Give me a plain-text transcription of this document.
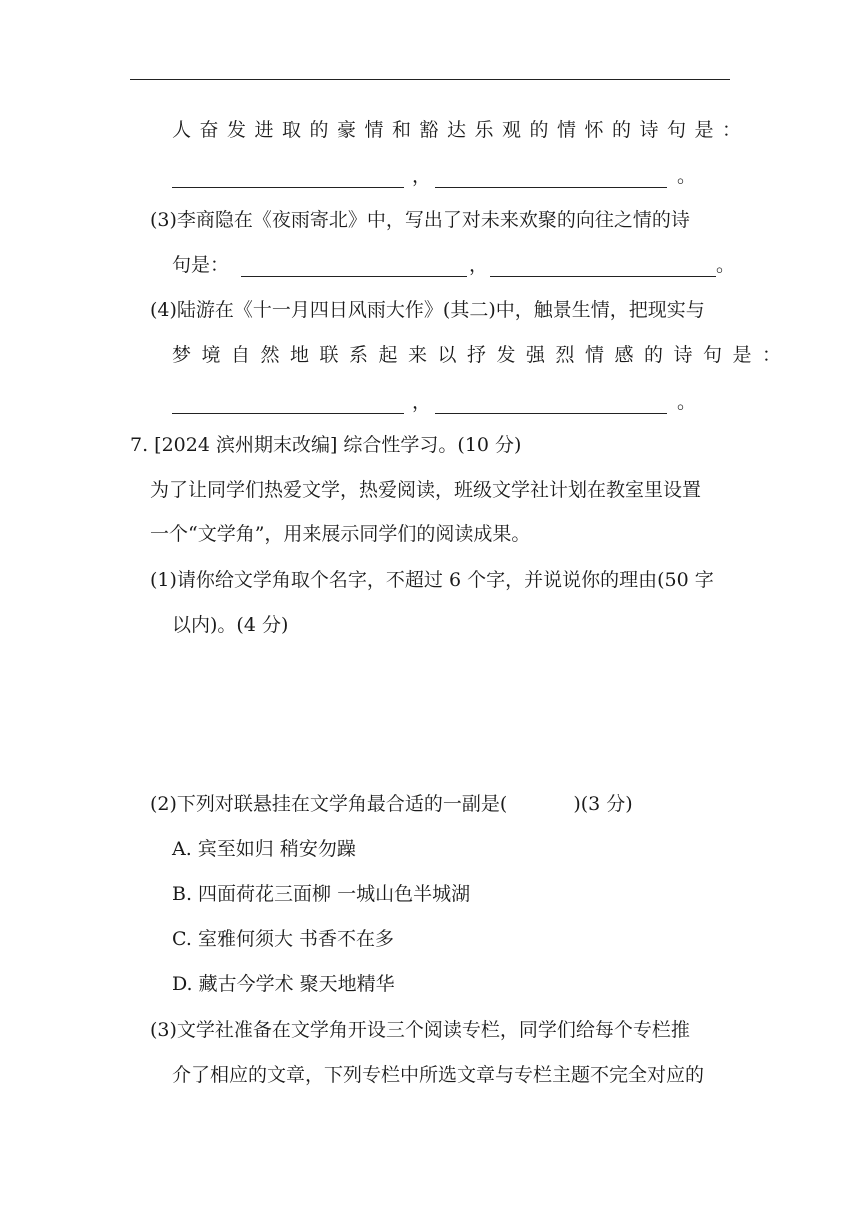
人奋发进取的豪情和豁达乐观的情怀的诗句是：
，	。
(3)李商隐在《夜雨寄北》中，写出了对未来欢聚的向往之情的诗
句是：	，	。
(4)陆游在《十一月四日风雨大作》(其二)中，触景生情，把现实与
梦境自然地联系起来以抒发强烈情感的诗句是：
，	。
7. [2024 滨州期末改编] 综合性学习。(10 分)
为了让同学们热爱文学，热爱阅读，班级文学社计划在教室里设置
一个“文学角”，用来展示同学们的阅读成果。
(1)请你给文学角取个名字，不超过 6 个字，并说说你的理由(50 字
以内)。(4 分)
(2)下列对联悬挂在文学角最合适的一副是(	)(3 分)
A. 宾至如归 稍安勿躁
B. 四面荷花三面柳 一城山色半城湖
C. 室雅何须大 书香不在多
D. 藏古今学术 聚天地精华
(3)文学社准备在文学角开设三个阅读专栏，同学们给每个专栏推
介了相应的文章，下列专栏中所选文章与专栏主题不完全对应的
